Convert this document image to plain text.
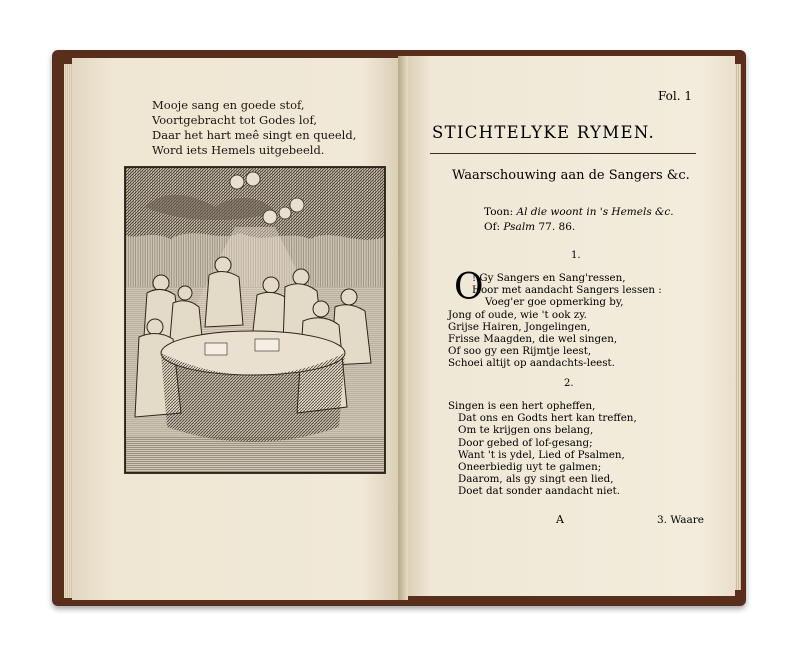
Mooje sang en goede stof,
Voortgebracht tot Godes lof,
Daar het hart meê singt en queeld,
Word iets Hemels uitgebeeld.
Fol. 1
STICHTELYKE RYMEN.
Waarschouwing aan de Sangers &c.
Toon: Al die woont in 's Hemels &c.
Of: Psalm 77. 86.
1.
O
! Gy Sangers en Sang'ressen,
Hoor met aandacht Sangers lessen :
Voeg'er goe opmerking by,
Jong of oude, wie 't ook zy.
Grijse Hairen, Jongelingen,
Frisse Maagden, die wel singen,
Of soo gy een Rijmtje leest,
Schoei altijt op aandachts-leest.
2.
Singen is een hert opheffen,
Dat ons en Godts hert kan treffen,
Om te krijgen ons belang,
Door gebed of lof-gesang;
Want 't is ydel, Lied of Psalmen,
Oneerbiedig uyt te galmen;
Daarom, als gy singt een lied,
Doet dat sonder aandacht niet.
A	3. Waare
